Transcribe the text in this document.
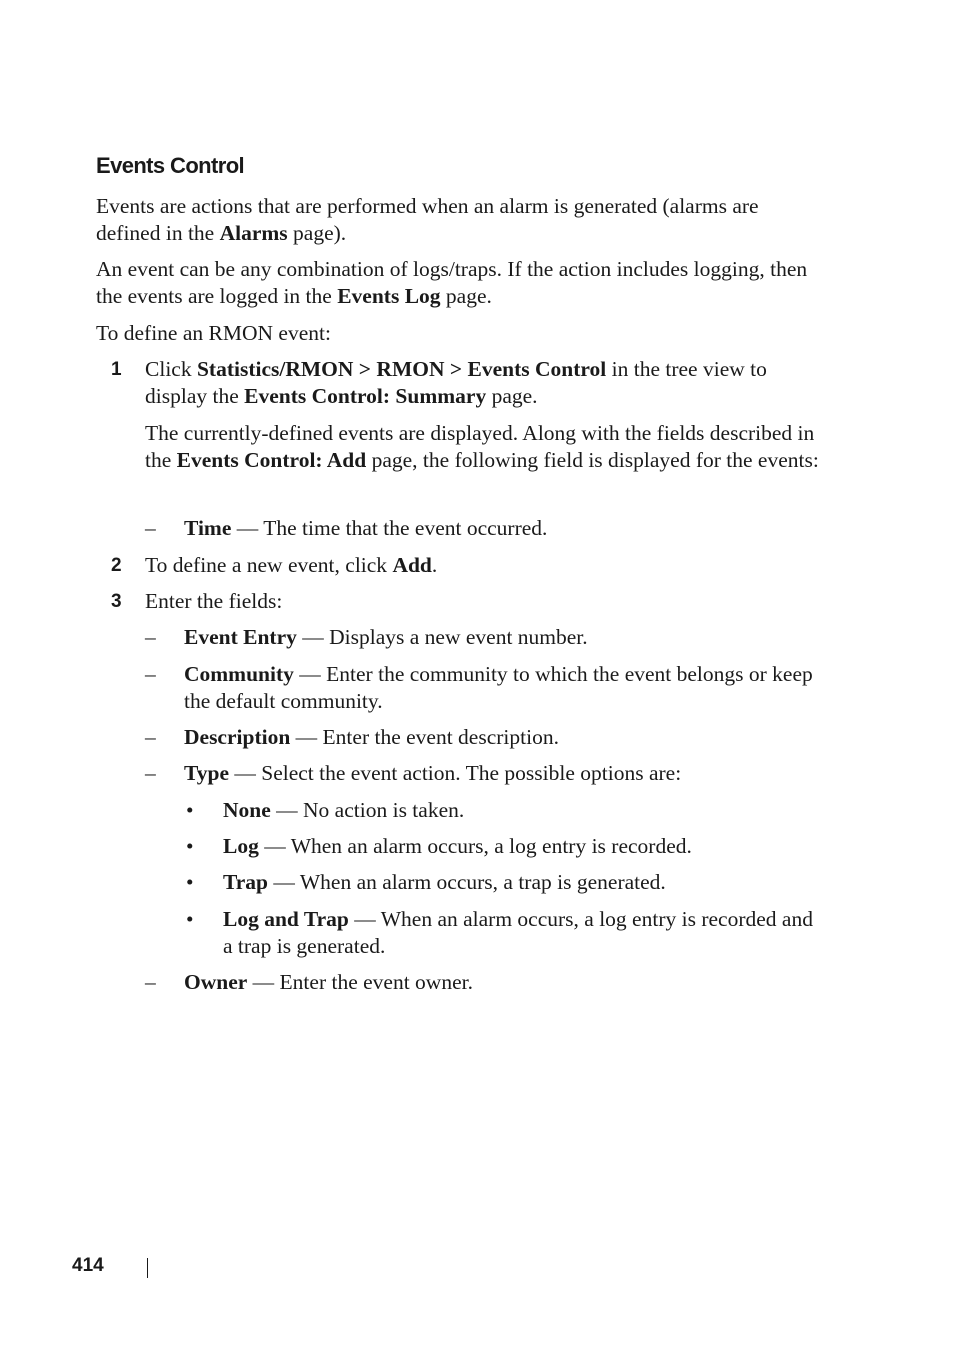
Events Control

Events are actions that are performed when an alarm is generated (alarms are defined in the Alarms page).

An event can be any combination of logs/traps. If the action includes logging, then the events are logged in the Events Log page.

To define an RMON event:

1 Click Statistics/RMON > RMON > Events Control in the tree view to display the Events Control: Summary page.

The currently-defined events are displayed. Along with the fields described in the Events Control: Add page, the following field is displayed for the events:

– Time — The time that the event occurred.

2 To define a new event, click Add.

3 Enter the fields:

– Event Entry — Displays a new event number.

– Community — Enter the community to which the event belongs or keep the default community.

– Description — Enter the event description.

– Type — Select the event action. The possible options are:

• None — No action is taken.

• Log — When an alarm occurs, a log entry is recorded.

• Trap — When an alarm occurs, a trap is generated.

• Log and Trap — When an alarm occurs, a log entry is recorded and a trap is generated.

– Owner — Enter the event owner.

414
